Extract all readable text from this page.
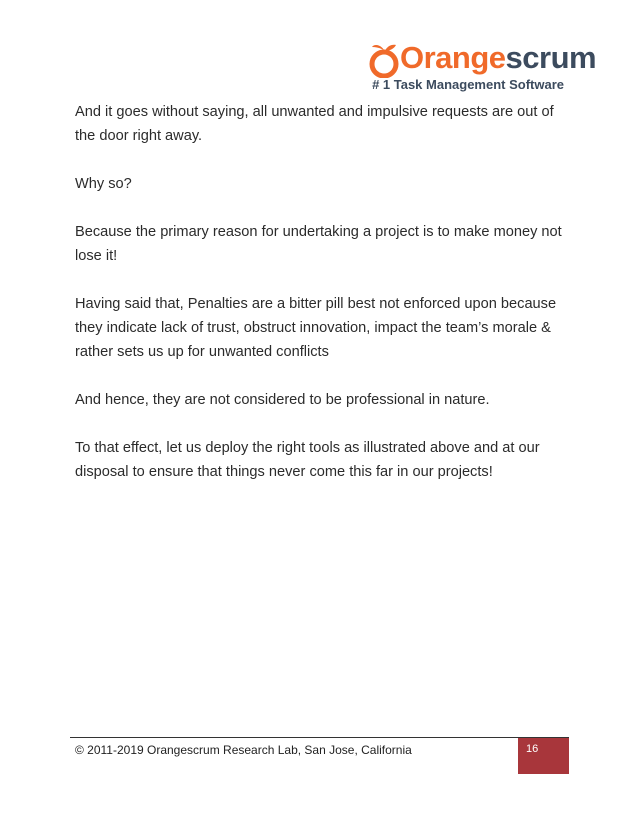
Orangescrum
# 1 Task Management Software

And it goes without saying, all unwanted and impulsive requests are out of the door right away.

Why so?

Because the primary reason for undertaking a project is to make money not lose it!

Having said that, Penalties are a bitter pill best not enforced upon because they indicate lack of trust, obstruct innovation, impact the team’s morale & rather sets us up for unwanted conflicts

And hence, they are not considered to be professional in nature.

To that effect, let us deploy the right tools as illustrated above and at our disposal to ensure that things never come this far in our projects!

© 2011-2019 Orangescrum Research Lab, San Jose, California	16
